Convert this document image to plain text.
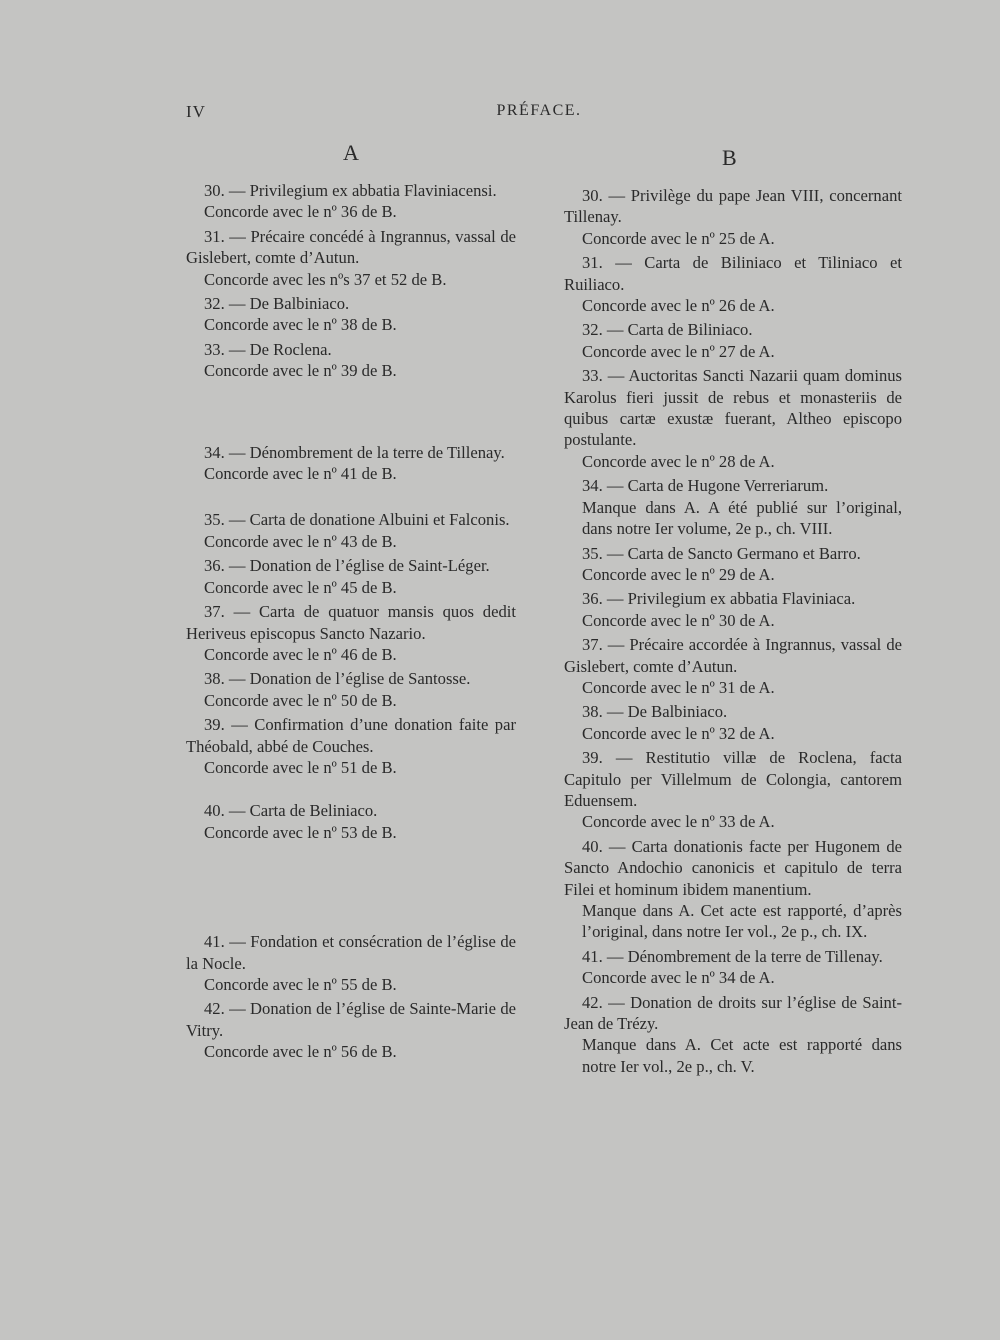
IV	PRÉFACE.
A	B
30. — Privilegium ex abbatia Flaviniacensi.
Concorde avec le nº 36 de B.
31. — Précaire concédé à Ingrannus, vassal de Gislebert, comte d’Autun.
Concorde avec les nºs 37 et 52 de B.
32. — De Balbiniaco.
Concorde avec le nº 38 de B.
33. — De Roclena.
Concorde avec le nº 39 de B.
34. — Dénombrement de la terre de Tillenay.
Concorde avec le nº 41 de B.
35. — Carta de donatione Albuini et Falconis.
Concorde avec le nº 43 de B.
36. — Donation de l’église de Saint-Léger.
Concorde avec le nº 45 de B.
37. — Carta de quatuor mansis quos dedit Heriveus episcopus Sancto Nazario.
Concorde avec le nº 46 de B.
38. — Donation de l’église de Santosse.
Concorde avec le nº 50 de B.
39. — Confirmation d’une donation faite par Théobald, abbé de Couches.
Concorde avec le nº 51 de B.
40. — Carta de Beliniaco.
Concorde avec le nº 53 de B.
41. — Fondation et consécration de l’église de la Nocle.
Concorde avec le nº 55 de B.
42. — Donation de l’église de Sainte-Marie de Vitry.
Concorde avec le nº 56 de B.
30. — Privilège du pape Jean VIII, concernant Tillenay.
Concorde avec le nº 25 de A.
31. — Carta de Biliniaco et Tiliniaco et Ruiliaco.
Concorde avec le nº 26 de A.
32. — Carta de Biliniaco.
Concorde avec le nº 27 de A.
33. — Auctoritas Sancti Nazarii quam dominus Karolus fieri jussit de rebus et monasteriis de quibus cartæ exustæ fuerant, Altheo episcopo postulante.
Concorde avec le nº 28 de A.
34. — Carta de Hugone Verreriarum.
Manque dans A. A été publié sur l’original, dans notre Ier volume, 2e p., ch. VIII.
35. — Carta de Sancto Germano et Barro.
Concorde avec le nº 29 de A.
36. — Privilegium ex abbatia Flaviniaca.
Concorde avec le nº 30 de A.
37. — Précaire accordée à Ingrannus, vassal de Gislebert, comte d’Autun.
Concorde avec le nº 31 de A.
38. — De Balbiniaco.
Concorde avec le nº 32 de A.
39. — Restitutio villæ de Roclena, facta Capitulo per Villelmum de Colongia, cantorem Eduensem.
Concorde avec le nº 33 de A.
40. — Carta donationis facte per Hugonem de Sancto Andochio canonicis et capitulo de terra Filei et hominum ibidem manentium.
Manque dans A. Cet acte est rapporté, d’après l’original, dans notre Ier vol., 2e p., ch. IX.
41. — Dénombrement de la terre de Tillenay.
Concorde avec le nº 34 de A.
42. — Donation de droits sur l’église de Saint-Jean de Trézy.
Manque dans A. Cet acte est rapporté dans notre Ier vol., 2e p., ch. V.
